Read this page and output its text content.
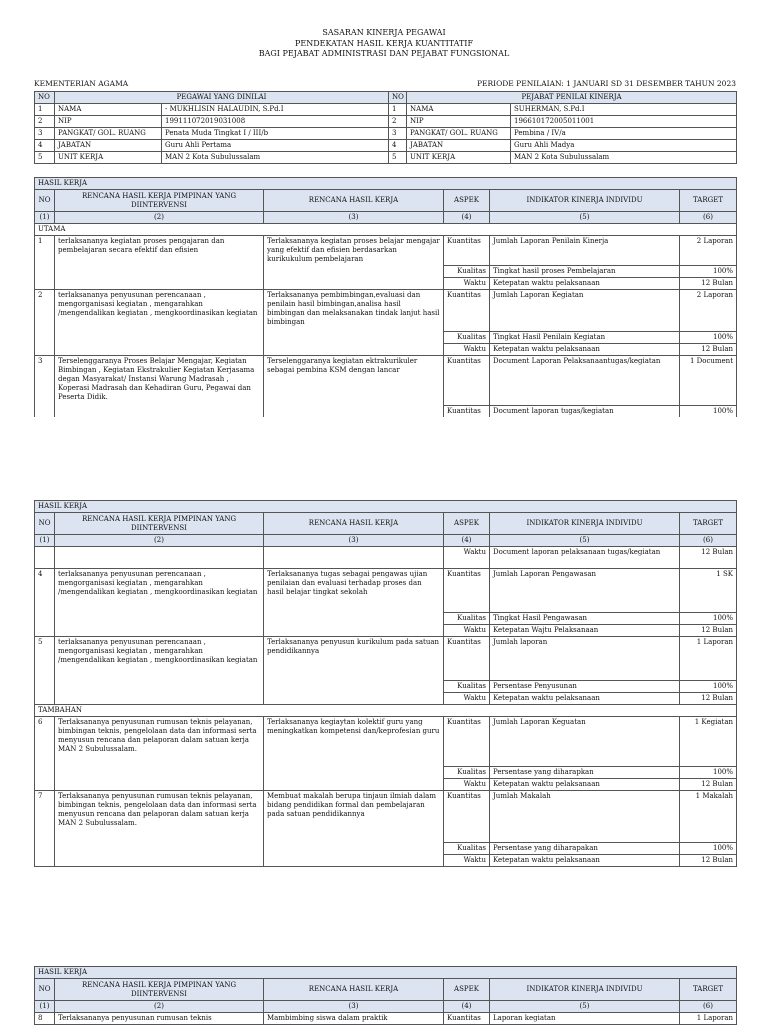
SASARAN KINERJA PEGAWAI
PENDEKATAN HASIL KERJA KUANTITATIF
BAGI PEJABAT ADMINISTRASI DAN PEJABAT FUNGSIONAL
KEMENTERIAN AGAMA	PERIODE PENILAIAN: 1 JANUARI SD 31 DESEMBER TAHUN 2023
NO	PEGAWAI YANG DINILAI		NO	PEJABAT PENILAI KINERJA	
1	NAMA	- MUKHLISIN HALAUDIN, S.Pd.I	1	NAMA	SUHERMAN, S.Pd.I
2	NIP	199111072019031008	2	NIP	196610172005011001
3	PANGKAT/ GOL. RUANG	Penata Muda Tingkat I / III/b	3	PANGKAT/ GOL. RUANG	Pembina / IV/a
4	JABATAN	Guru Ahli Pertama	4	JABATAN	Guru Ahli Madya
5	UNIT KERJA	MAN 2 Kota Subulussalam	5	UNIT KERJA	MAN 2 Kota Subulussalam
HASIL KERJA					
NO	RENCANA HASIL KERJA PIMPINAN YANG DIINTERVENSI	RENCANA HASIL KERJA	ASPEK	INDIKATOR KINERJA INDIVIDU	TARGET
(1)	(2)	(3)	(4)	(5)	(6)
UTAMA					
1	terlaksananya kegiatan proses pengajaran dan pembelajaran secara efektif dan efisien	Terlaksananya kegiatan proses belajar mengajar yang efektif dan efisien berdasarkan kurikukulum pembelajaran	Kuantitas	Jumlah Laporan Penilain Kinerja	2 Laporan
			Kualitas	Tingkat hasil proses Pembelajaran	100%
			Waktu	Ketepatan waktu pelaksanaan	12 Bulan
2	terlaksananya penyusunan perencanaan , mengorganisasi kegiatan , mengarahkan /mengendalikan kegiatan , mengkoordinasikan kegiatan	Terlaksananya pembimbingan,evaluasi dan penilain hasil bimbingan,analisa hasil bimbingan dan melaksanakan tindak lanjut hasil bimbingan	Kuantitas	Jumlah Laporan Kegiatan	2 Laporan
			Kualitas	Tingkat Hasil Penilain Kegiatan	100%
			Waktu	Ketepatan waktu pelaksanaan	12 Bulan
3	Terselenggaranya Proses Belajar Mengajar, Kegiatan Bimbingan , Kegiatan Ekstrakulier Kegiatan Kerjasama degan Masyarakat/ Instansi Warung Madrasah , Koperasi Madrasah dan Kehadiran Guru, Pegawai dan Peserta Didik.	Terselenggaranya kegiatan ektrakurikuler sebagai pembina KSM dengan lancar	Kuantitas	Document Laporan Pelaksanaantugas/kegiatan	1 Document
			Kuantitas	Document laporan tugas/kegiatan	100%
HASIL KERJA					
NO	RENCANA HASIL KERJA PIMPINAN YANG DIINTERVENSI	RENCANA HASIL KERJA	ASPEK	INDIKATOR KINERJA INDIVIDU	TARGET
(1)	(2)	(3)	(4)	(5)	(6)
			Waktu	Document laporan pelaksanaan tugas/kegiatan	12 Bulan
4	terlaksananya penyusunan perencanaan , mengorganisasi kegiatan , mengarahkan /mengendalikan kegiatan , mengkoordinasikan kegiatan	Terlaksananya tugas sebagai pengawas ujian penilaian dan evaluasi terhadap proses dan hasil belajar tingkat sekolah	Kuantitas	Jumlah Laporan Pengawasan	1 SK
			Kualitas	Tingkat Hasil Pengawasan	100%
			Waktu	Ketepatan Wajtu Pelaksanaan	12 Bulan
5	terlaksananya penyusunan perencanaan , mengorganisasi kegiatan , mengarahkan /mengendalikan kegiatan , mengkoordinasikan kegiatan	Terlaksananya penyusun kurikulum pada satuan pendidikannya	Kuantitas	Jumlah laporan	1 Laporan
			Kualitas	Persentase Penyusunan	100%
			Waktu	Ketepatan waktu pelaksanaan	12 Bulan
TAMBAHAN					
6	Terlaksananya penyusunan rumusan teknis pelayanan, bimbingan teknis, pengelolaan data dan informasi serta menyusun rencana dan pelaporan dalam satuan kerja MAN 2 Subulussalam.	Terlaksananya kegiaytan kolektif guru yang meningkatkan kompetensi dan/keprofesian guru	Kuantitas	Jumlah Laporan Keguatan	1 Kegiatan
			Kualitas	Persentase yang diharapkan	100%
			Waktu	Ketepatan waktu pelaksanaan	12 Bulan
7	Terlaksananya penyusunan rumusan teknis pelayanan, bimbingan teknis, pengelolaan data dan informasi serta menyusun rencana dan pelaporan dalam satuan kerja MAN 2 Subulussalam.	Membuat makalah berupa tinjaun ilmiah dalam bidang pendidikan formal dan pembelajaran pada satuan pendidikannya	Kuantitas	Jumlah Makalah	1 Makalah
			Kualitas	Persentase yang diharapakan	100%
			Waktu	Ketepatan waktu pelaksanaan	12 Bulan
HASIL KERJA					
NO	RENCANA HASIL KERJA PIMPINAN YANG DIINTERVENSI	RENCANA HASIL KERJA	ASPEK	INDIKATOR KINERJA INDIVIDU	TARGET
(1)	(2)	(3)	(4)	(5)	(6)
8	Terlaksananya penyusunan rumusan teknis	Mambimbing siswa dalam praktik	Kuantitas	Laporan kegiatan	1 Laporan
